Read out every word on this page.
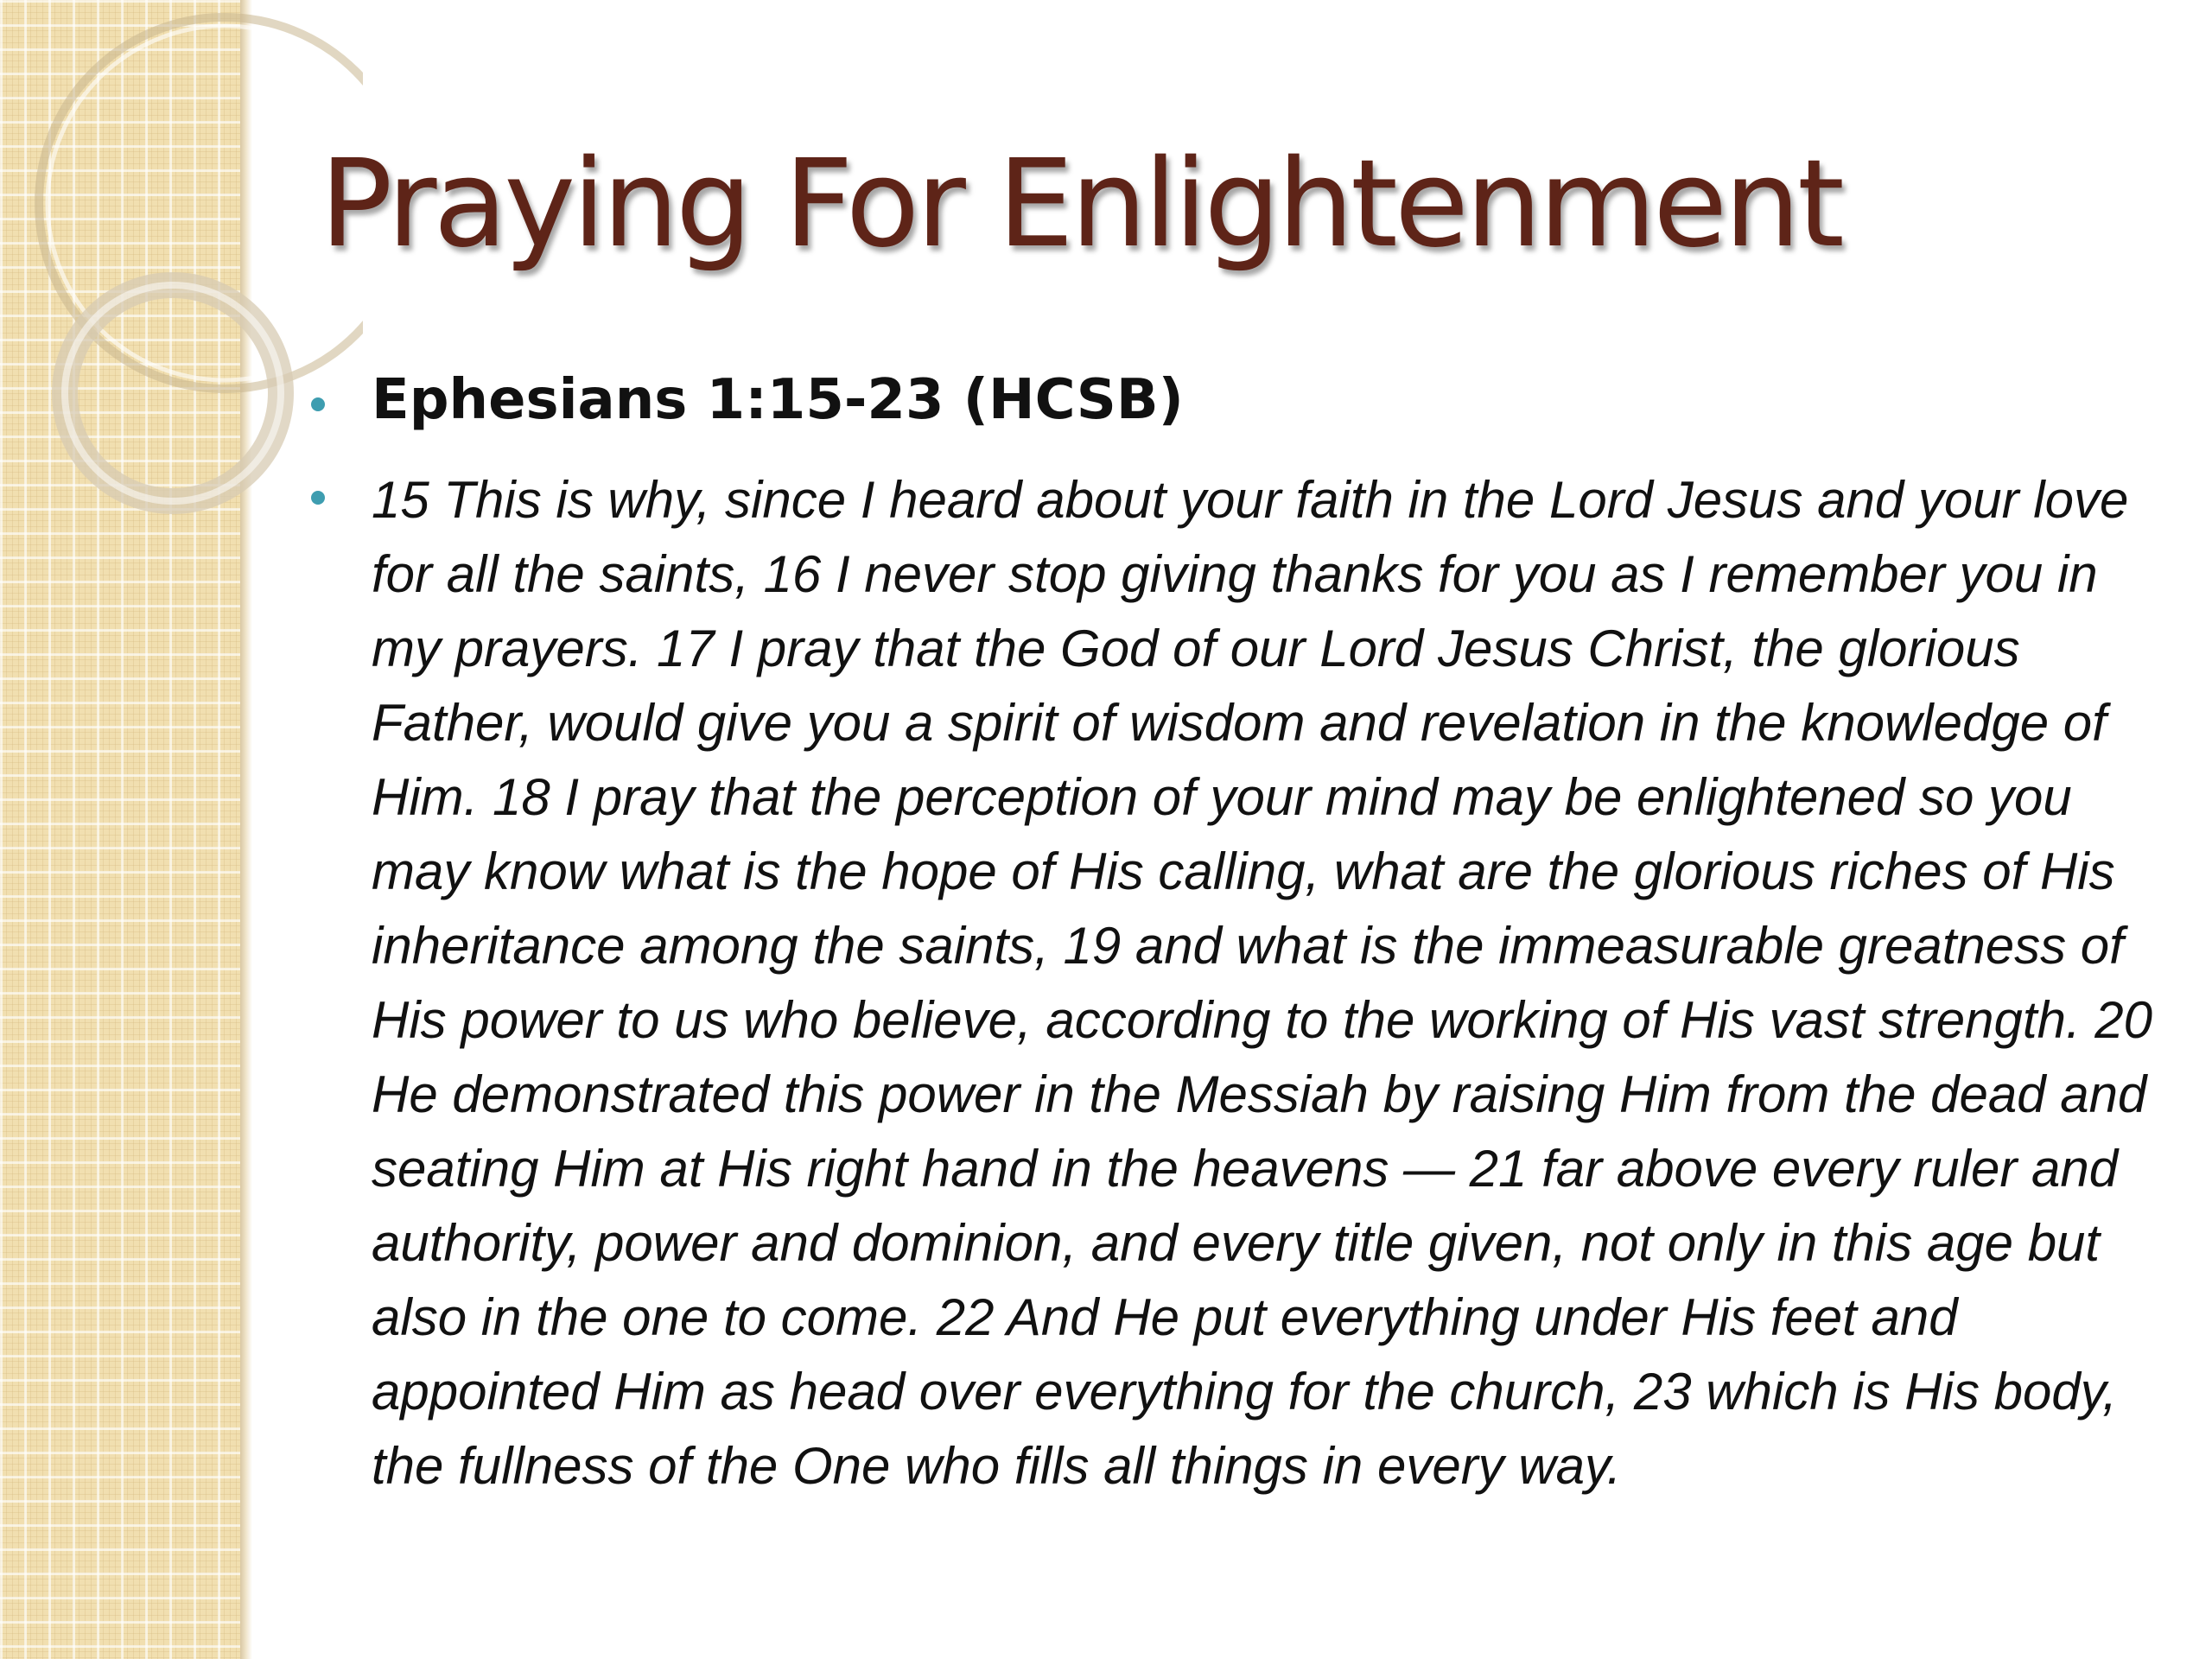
Praying For Enlightenment

Ephesians 1:15-23 (HCSB)

15 This is why, since I heard about your faith in the Lord Jesus and your love for all the saints, 16 I never stop giving thanks for you as I remember you in my prayers. 17 I pray that the God of our Lord Jesus Christ, the glorious Father, would give you a spirit of wisdom and revelation in the knowledge of Him. 18 I pray that the perception of your mind may be enlightened so you may know what is the hope of His calling, what are the glorious riches of His inheritance among the saints, 19 and what is the immeasurable greatness of His power to us who believe, according to the working of His vast strength. 20 He demonstrated this power in the Messiah by raising Him from the dead and seating Him at His right hand in the heavens — 21 far above every ruler and authority, power and dominion, and every title given, not only in this age but also in the one to come. 22 And He put everything under His feet and appointed Him as head over everything for the church, 23 which is His body, the fullness of the One who fills all things in every way.
